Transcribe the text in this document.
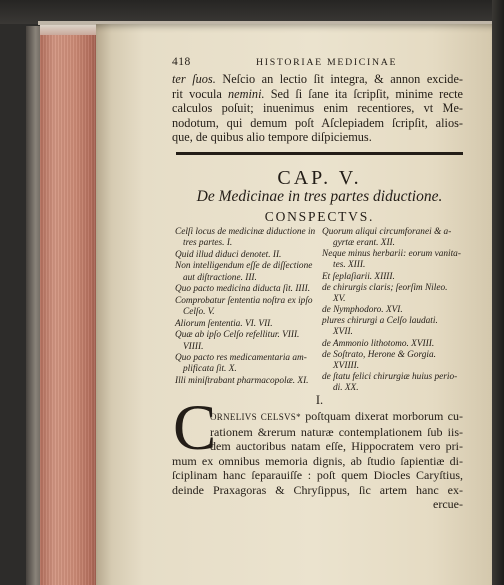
418	HISTORIAE MEDICINAE
ter ſuos. Neſcio an lectio ſit integra, & annon excide-
rit vocula nemini. Sed ſi ſane ita ſcripſit, minime recte
calculos poſuit; inuenimus enim recentiores, vt Me-
nodotum, qui demum poſt Aſclepiadem ſcripſit, alios-
que, de quibus alio tempore diſpiciemus.
CAP. V.
De Medicinae in tres partes diductione.
CONSPECTVS.
Celſi locus de medicinæ diductione in
tres partes. I.
Quid illud diduci denotet. II.
Non intelligendum eſſe de diſſectione
aut diſtractione. III.
Quo pacto medicina diducta ſit. IIII.
Comprobatur ſententia noſtra ex ipſo
Celſo. V.
Aliorum ſententia. VI. VII.
Quæ ab ipſo Celſo refellitur. VIII.
VIIII.
Quo pacto res medicamentaria am-
plificata ſit. X.
Illi miniſtrabant pharmacopolæ. XI.
Quorum aliqui circumforanei & a-
gyrtæ erant. XII.
Neque minus herbarii: eorum vanita-
tes. XIII.
Et ſeplaſiarii. XIIII.
de chirurgis claris; ſeorſim Nileo.
XV.
de Nymphodoro. XVI.
plures chirurgi a Celſo laudati.
XVII.
de Ammonio lithotomo. XVIII.
de Soſtrato, Herone & Gorgia.
XVIIII.
de ſtatu felici chirurgiæ huius perio-
di. XX.
I.
C
ORNELIVS CELSVS* poſtquam dixerat morborum cu-
rationem &rerum naturæ contemplationem ſub iis-
dem auctoribus natam eſſe, Hippocratem vero pri-
mum ex omnibus memoria dignis, ab ſtudio ſapientiæ di-
ſciplinam hanc ſeparauiſſe : poſt quem Diocles Caryſtius,
deinde Praxagoras & Chryſippus, ſic artem hanc ex-
ercue-
